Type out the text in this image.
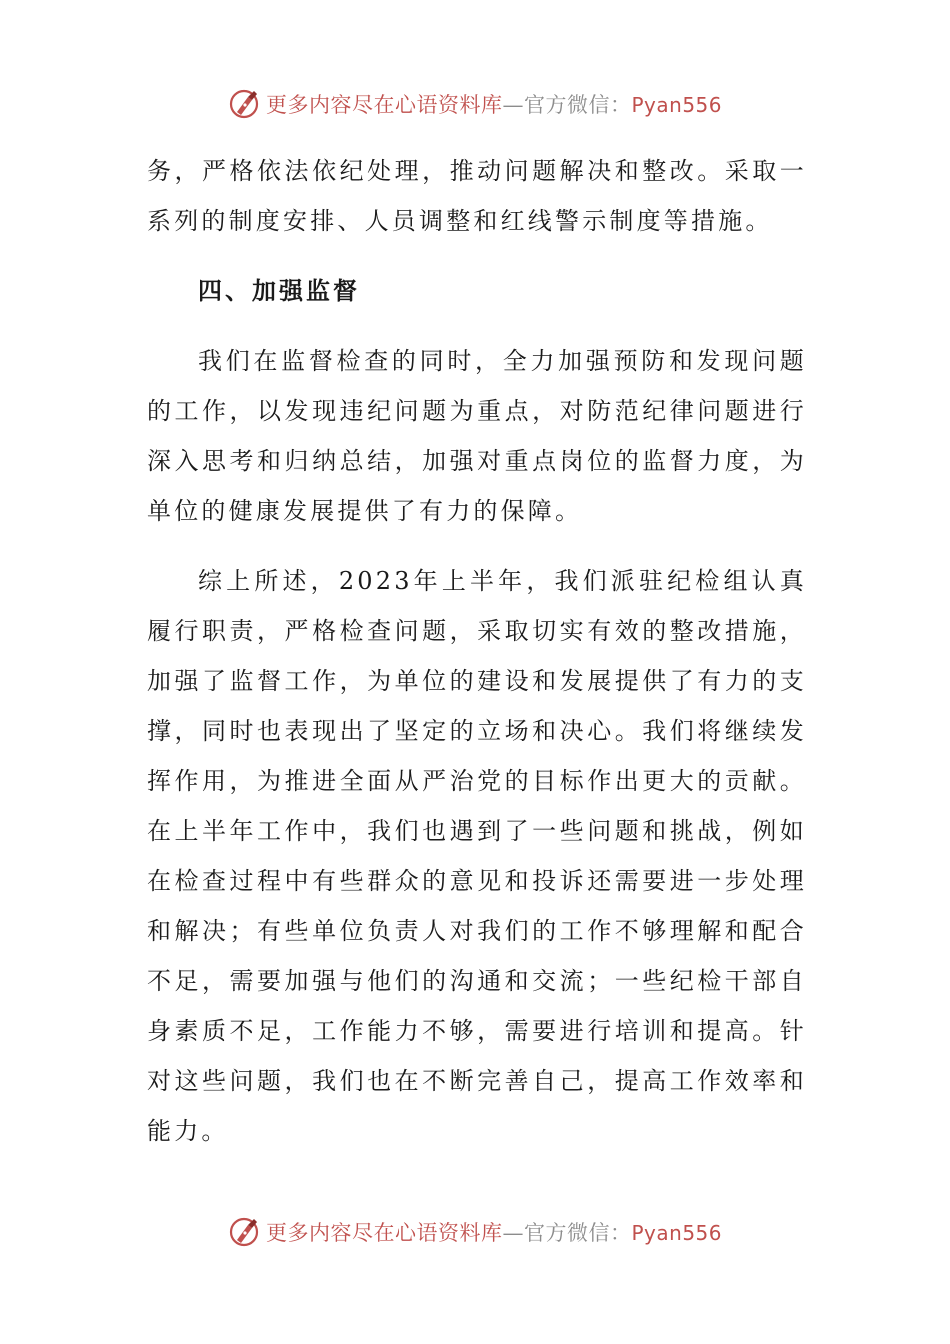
更多内容尽在心语资料库—官方微信：Pyan556

务，严格依法依纪处理，推动问题解决和整改。采取一系列的制度安排、人员调整和红线警示制度等措施。

四、加强监督

我们在监督检查的同时，全力加强预防和发现问题的工作，以发现违纪问题为重点，对防范纪律问题进行深入思考和归纳总结，加强对重点岗位的监督力度，为单位的健康发展提供了有力的保障。

综上所述，2023年上半年，我们派驻纪检组认真履行职责，严格检查问题，采取切实有效的整改措施，加强了监督工作，为单位的建设和发展提供了有力的支撑，同时也表现出了坚定的立场和决心。我们将继续发挥作用，为推进全面从严治党的目标作出更大的贡献。在上半年工作中，我们也遇到了一些问题和挑战，例如在检查过程中有些群众的意见和投诉还需要进一步处理和解决；有些单位负责人对我们的工作不够理解和配合不足，需要加强与他们的沟通和交流；一些纪检干部自身素质不足，工作能力不够，需要进行培训和提高。针对这些问题，我们也在不断完善自己，提高工作效率和能力。

更多内容尽在心语资料库—官方微信：Pyan556
